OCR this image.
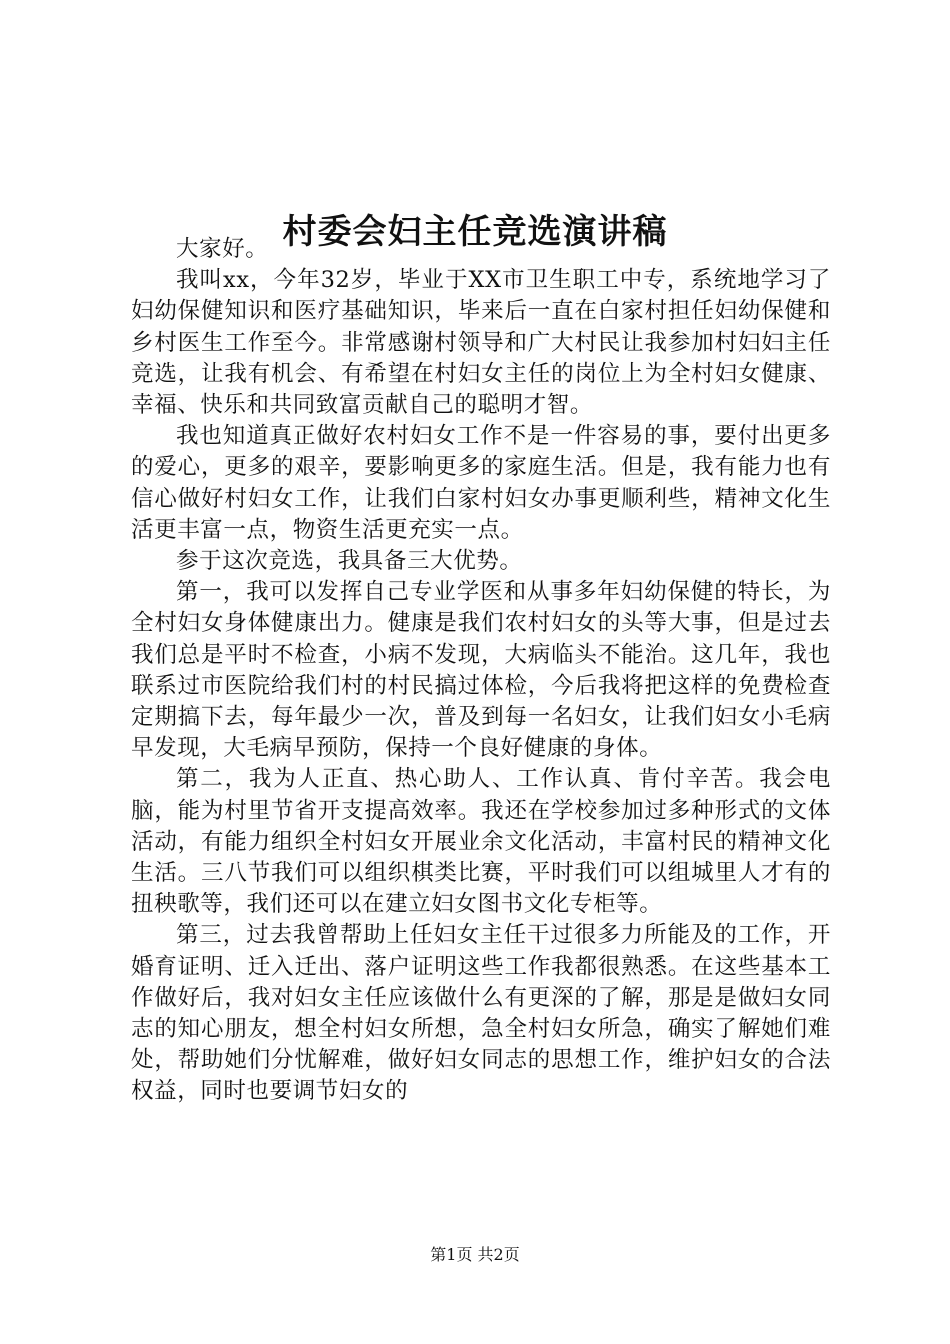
村委会妇主任竞选演讲稿

大家好。

我叫xx，今年32岁，毕业于XX市卫生职工中专，系统地学习了妇幼保健知识和医疗基础知识，毕来后一直在白家村担任妇幼保健和乡村医生工作至今。非常感谢村领导和广大村民让我参加村妇妇主任竞选，让我有机会、有希望在村妇女主任的岗位上为全村妇女健康、幸福、快乐和共同致富贡献自己的聪明才智。

我也知道真正做好农村妇女工作不是一件容易的事，要付出更多的爱心，更多的艰辛，要影响更多的家庭生活。但是，我有能力也有信心做好村妇女工作，让我们白家村妇女办事更顺利些，精神文化生活更丰富一点，物资生活更充实一点。

参于这次竞选，我具备三大优势。

第一，我可以发挥自己专业学医和从事多年妇幼保健的特长，为全村妇女身体健康出力。健康是我们农村妇女的头等大事，但是过去我们总是平时不检查，小病不发现，大病临头不能治。这几年，我也联系过市医院给我们村的村民搞过体检，今后我将把这样的免费检查定期搞下去，每年最少一次，普及到每一名妇女，让我们妇女小毛病早发现，大毛病早预防，保持一个良好健康的身体。

第二，我为人正直、热心助人、工作认真、肯付辛苦。我会电脑，能为村里节省开支提高效率。我还在学校参加过多种形式的文体活动，有能力组织全村妇女开展业余文化活动，丰富村民的精神文化生活。三八节我们可以组织棋类比赛，平时我们可以组城里人才有的扭秧歌等，我们还可以在建立妇女图书文化专柜等。

第三，过去我曾帮助上任妇女主任干过很多力所能及的工作，开婚育证明、迁入迁出、落户证明这些工作我都很熟悉。在这些基本工作做好后，我对妇女主任应该做什么有更深的了解，那是是做妇女同志的知心朋友，想全村妇女所想，急全村妇女所急，确实了解她们难处，帮助她们分忧解难，做好妇女同志的思想工作，维护妇女的合法权益，同时也要调节妇女的

第1页 共2页
